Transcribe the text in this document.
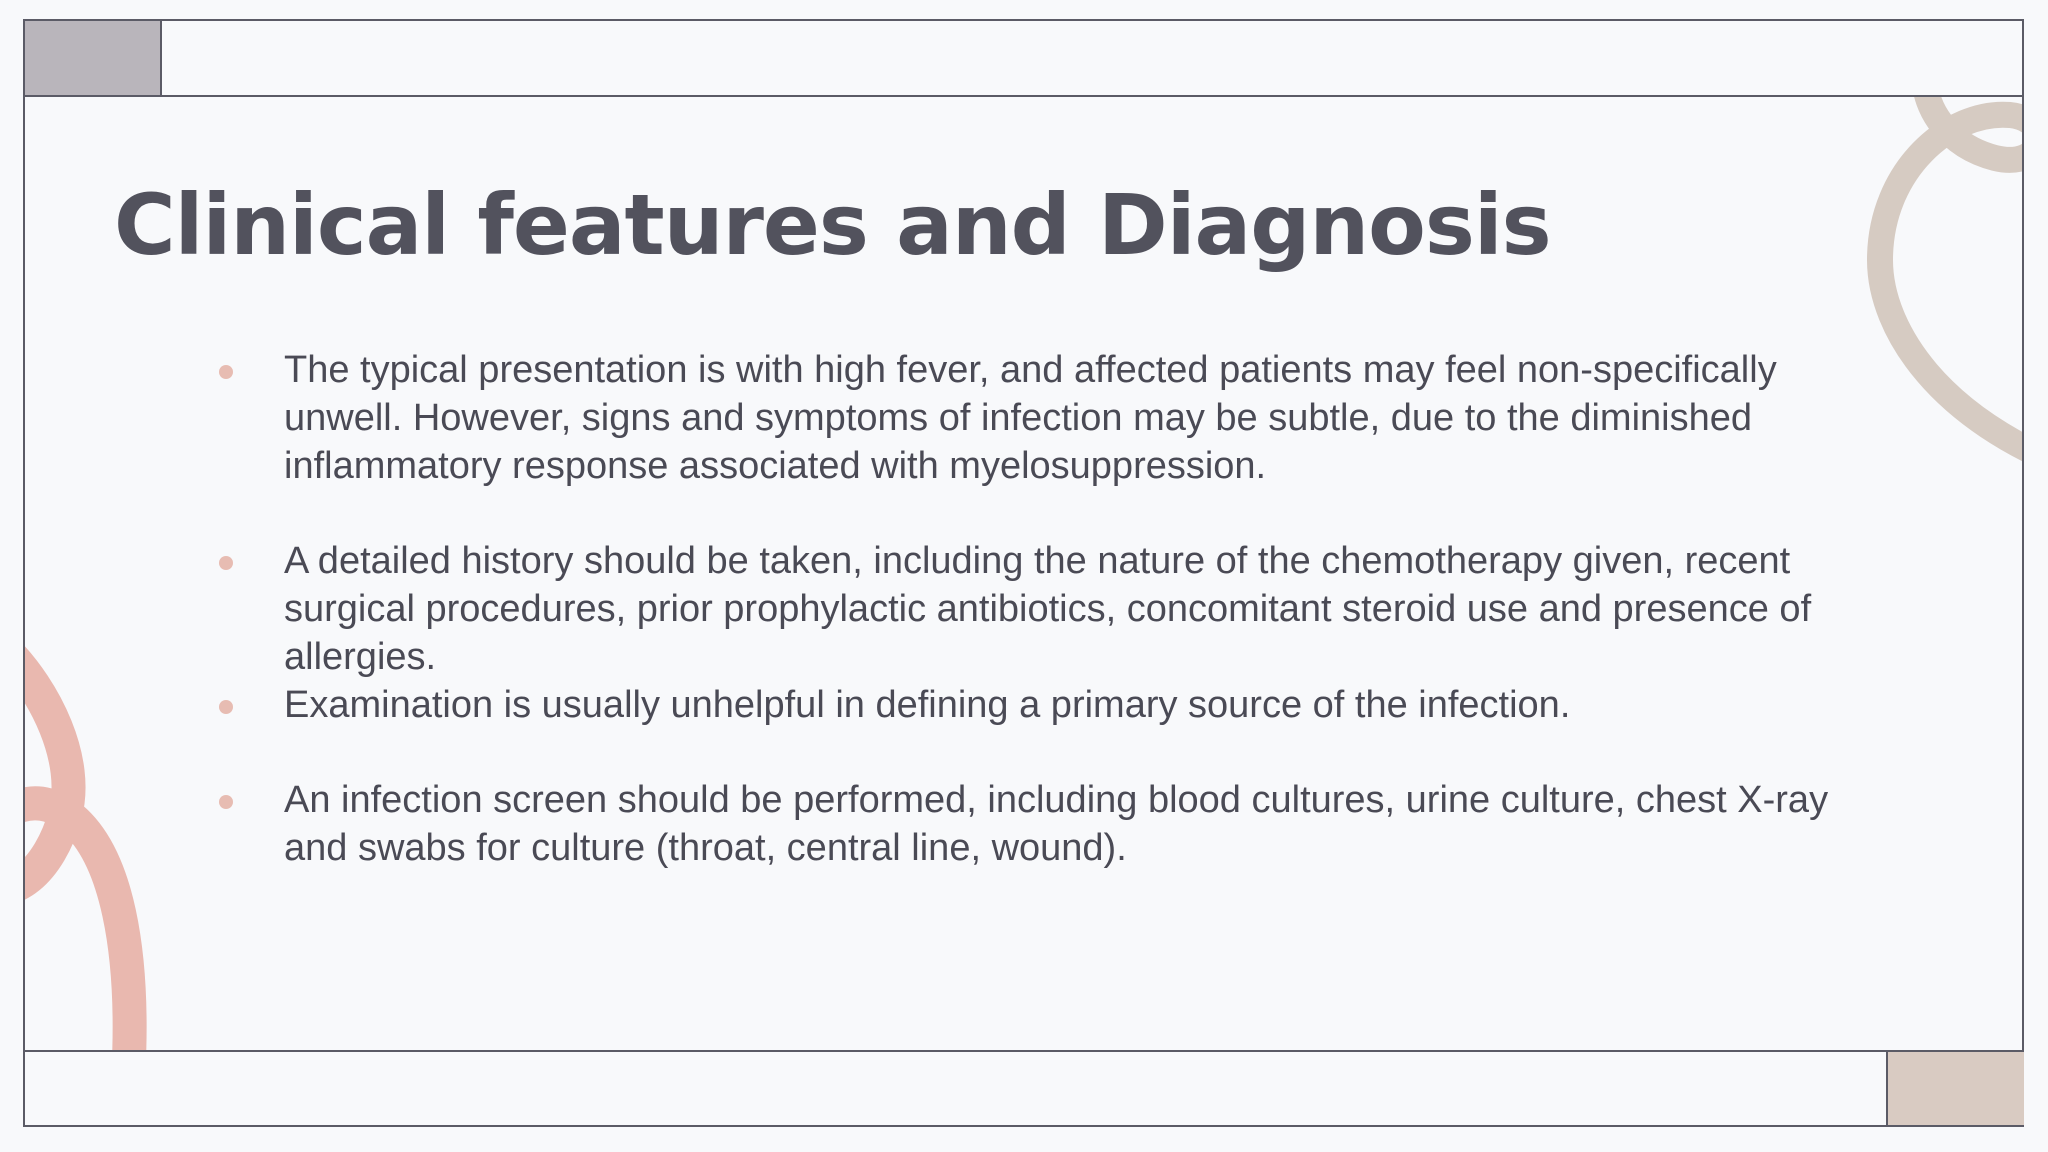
Clinical features and Diagnosis
The typical presentation is with high fever, and affected patients may feel non-specifically unwell. However, signs and symptoms of infection may be subtle, due to the diminished inflammatory response associated with myelosuppression.
A detailed history should be taken, including the nature of the chemotherapy given, recent surgical procedures, prior prophylactic antibiotics, concomitant steroid use and presence of allergies.
Examination is usually unhelpful in defining a primary source of the infection.
An infection screen should be performed, including blood cultures, urine culture, chest X-ray and swabs for culture (throat, central line, wound).
